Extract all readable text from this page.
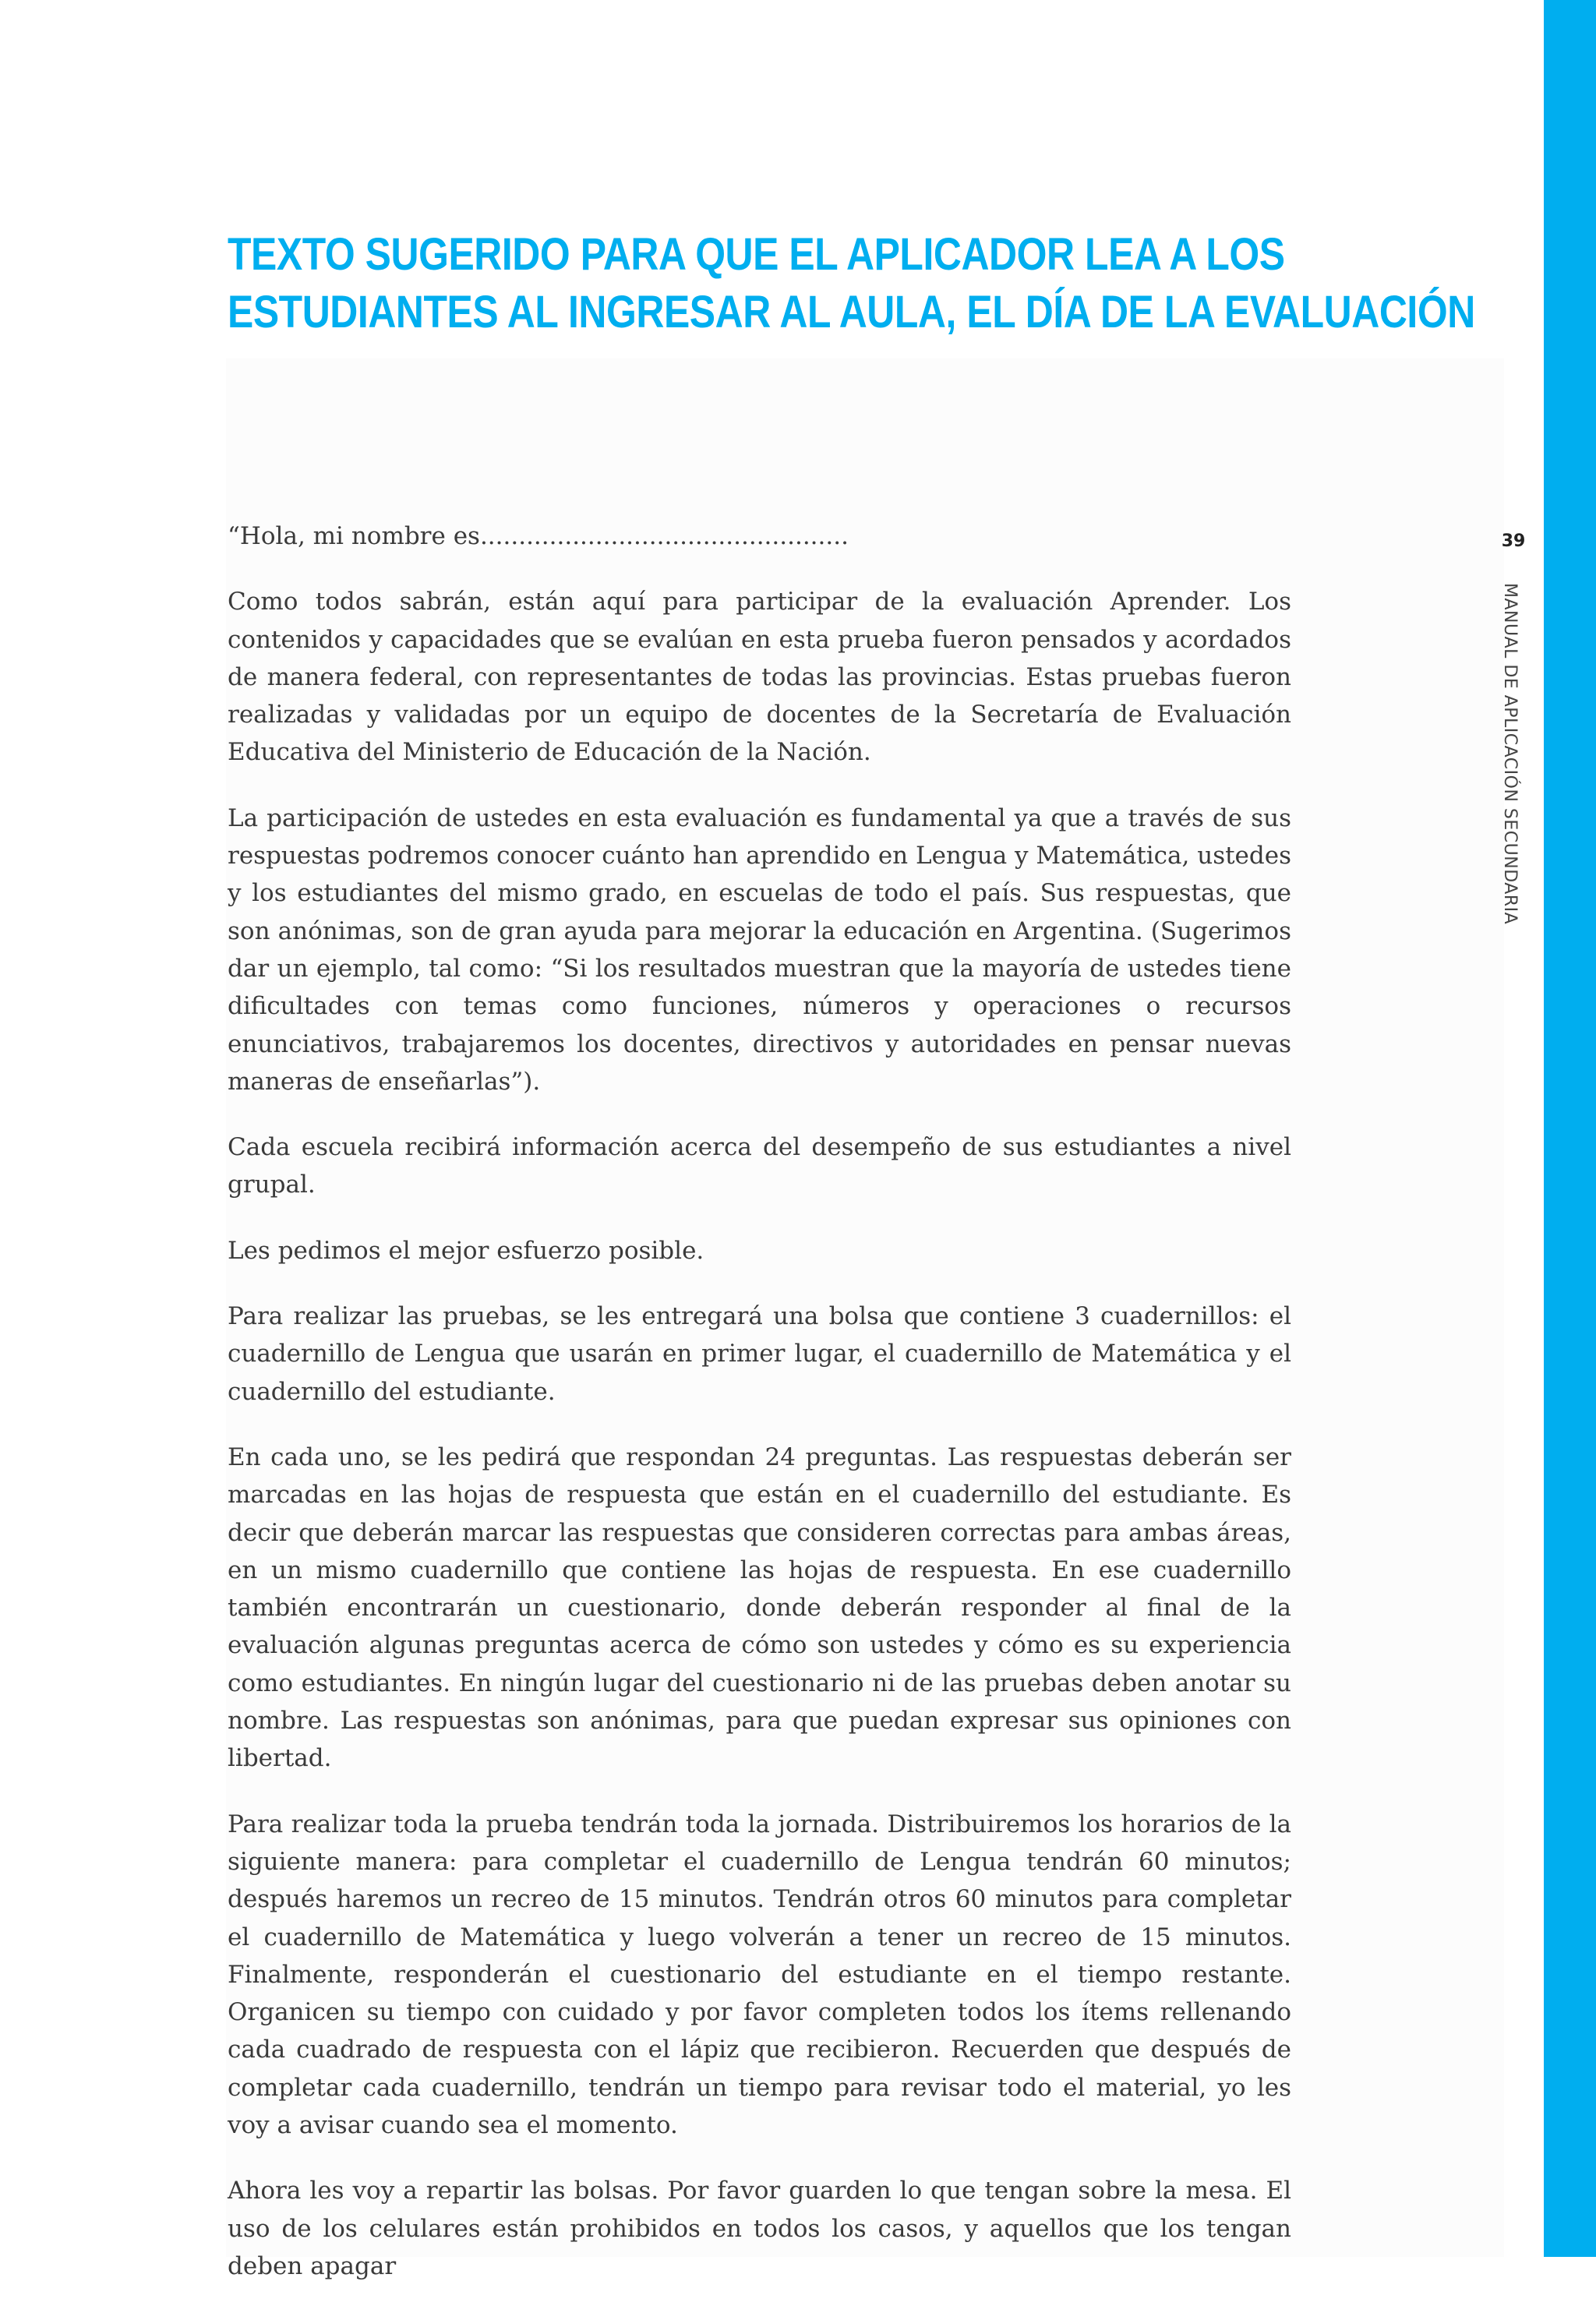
39
MANUAL DE APLICACIÓN SECUNDARIA
TEXTO SUGERIDO PARA QUE EL APLICADOR LEA A LOS
ESTUDIANTES AL INGRESAR AL AULA, EL DÍA DE LA EVALUACIÓN

“Hola, mi nombre es................................................

Como todos sabrán, están aquí para participar de la evaluación Aprender. Los contenidos y capacidades que se evalúan en esta prueba fueron pensados y acordados de manera federal, con representantes de todas las provincias. Estas pruebas fueron realizadas y validadas por un equipo de docentes de la Secretaría de Evaluación Educativa del Ministerio de Educación de la Nación.

La participación de ustedes en esta evaluación es fundamental ya que a través de sus respuestas podremos conocer cuánto han aprendido en Lengua y Matemática, ustedes y los estudiantes del mismo grado, en escuelas de todo el país. Sus respuestas, que son anónimas, son de gran ayuda para mejorar la educación en Argentina. (Sugerimos dar un ejemplo, tal como: “Si los resultados muestran que la mayoría de ustedes tiene dificultades con temas como funciones, números y operaciones o recursos enunciativos, trabajaremos los docentes, directivos y autoridades en pensar nuevas maneras de enseñarlas”).

Cada escuela recibirá información acerca del desempeño de sus estudiantes a nivel grupal.

Les pedimos el mejor esfuerzo posible.

Para realizar las pruebas, se les entregará una bolsa que contiene 3 cuadernillos: el cuadernillo de Lengua que usarán en primer lugar, el cuadernillo de Matemática y el cuadernillo del estudiante.

En cada uno, se les pedirá que respondan 24 preguntas. Las respuestas deberán ser marcadas en las hojas de respuesta que están en el cuadernillo del estudiante. Es decir que deberán marcar las respuestas que consideren correctas para ambas áreas, en un mismo cuadernillo que contiene las hojas de respuesta. En ese cuadernillo también encontrarán un cuestionario, donde deberán responder al final de la evaluación algunas preguntas acerca de cómo son ustedes y cómo es su experiencia como estudiantes. En ningún lugar del cuestionario ni de las pruebas deben anotar su nombre. Las respuestas son anónimas, para que puedan expresar sus opiniones con libertad.

Para realizar toda la prueba tendrán toda la jornada. Distribuiremos los horarios de la siguiente manera: para completar el cuadernillo de Lengua tendrán 60 minutos; después haremos un recreo de 15 minutos. Tendrán otros 60 minutos para completar el cuadernillo de Matemática y luego volverán a tener un recreo de 15 minutos. Finalmente, responderán el cuestionario del estudiante en el tiempo restante. Organicen su tiempo con cuidado y por favor completen todos los ítems rellenando cada cuadrado de respuesta con el lápiz que recibieron. Recuerden que después de completar cada cuadernillo, tendrán un tiempo para revisar todo el material, yo les voy a avisar cuando sea el momento.

Ahora les voy a repartir las bolsas. Por favor guarden lo que tengan sobre la mesa. El uso de los celulares están prohibidos en todos los casos, y aquellos que los tengan deben apagar
